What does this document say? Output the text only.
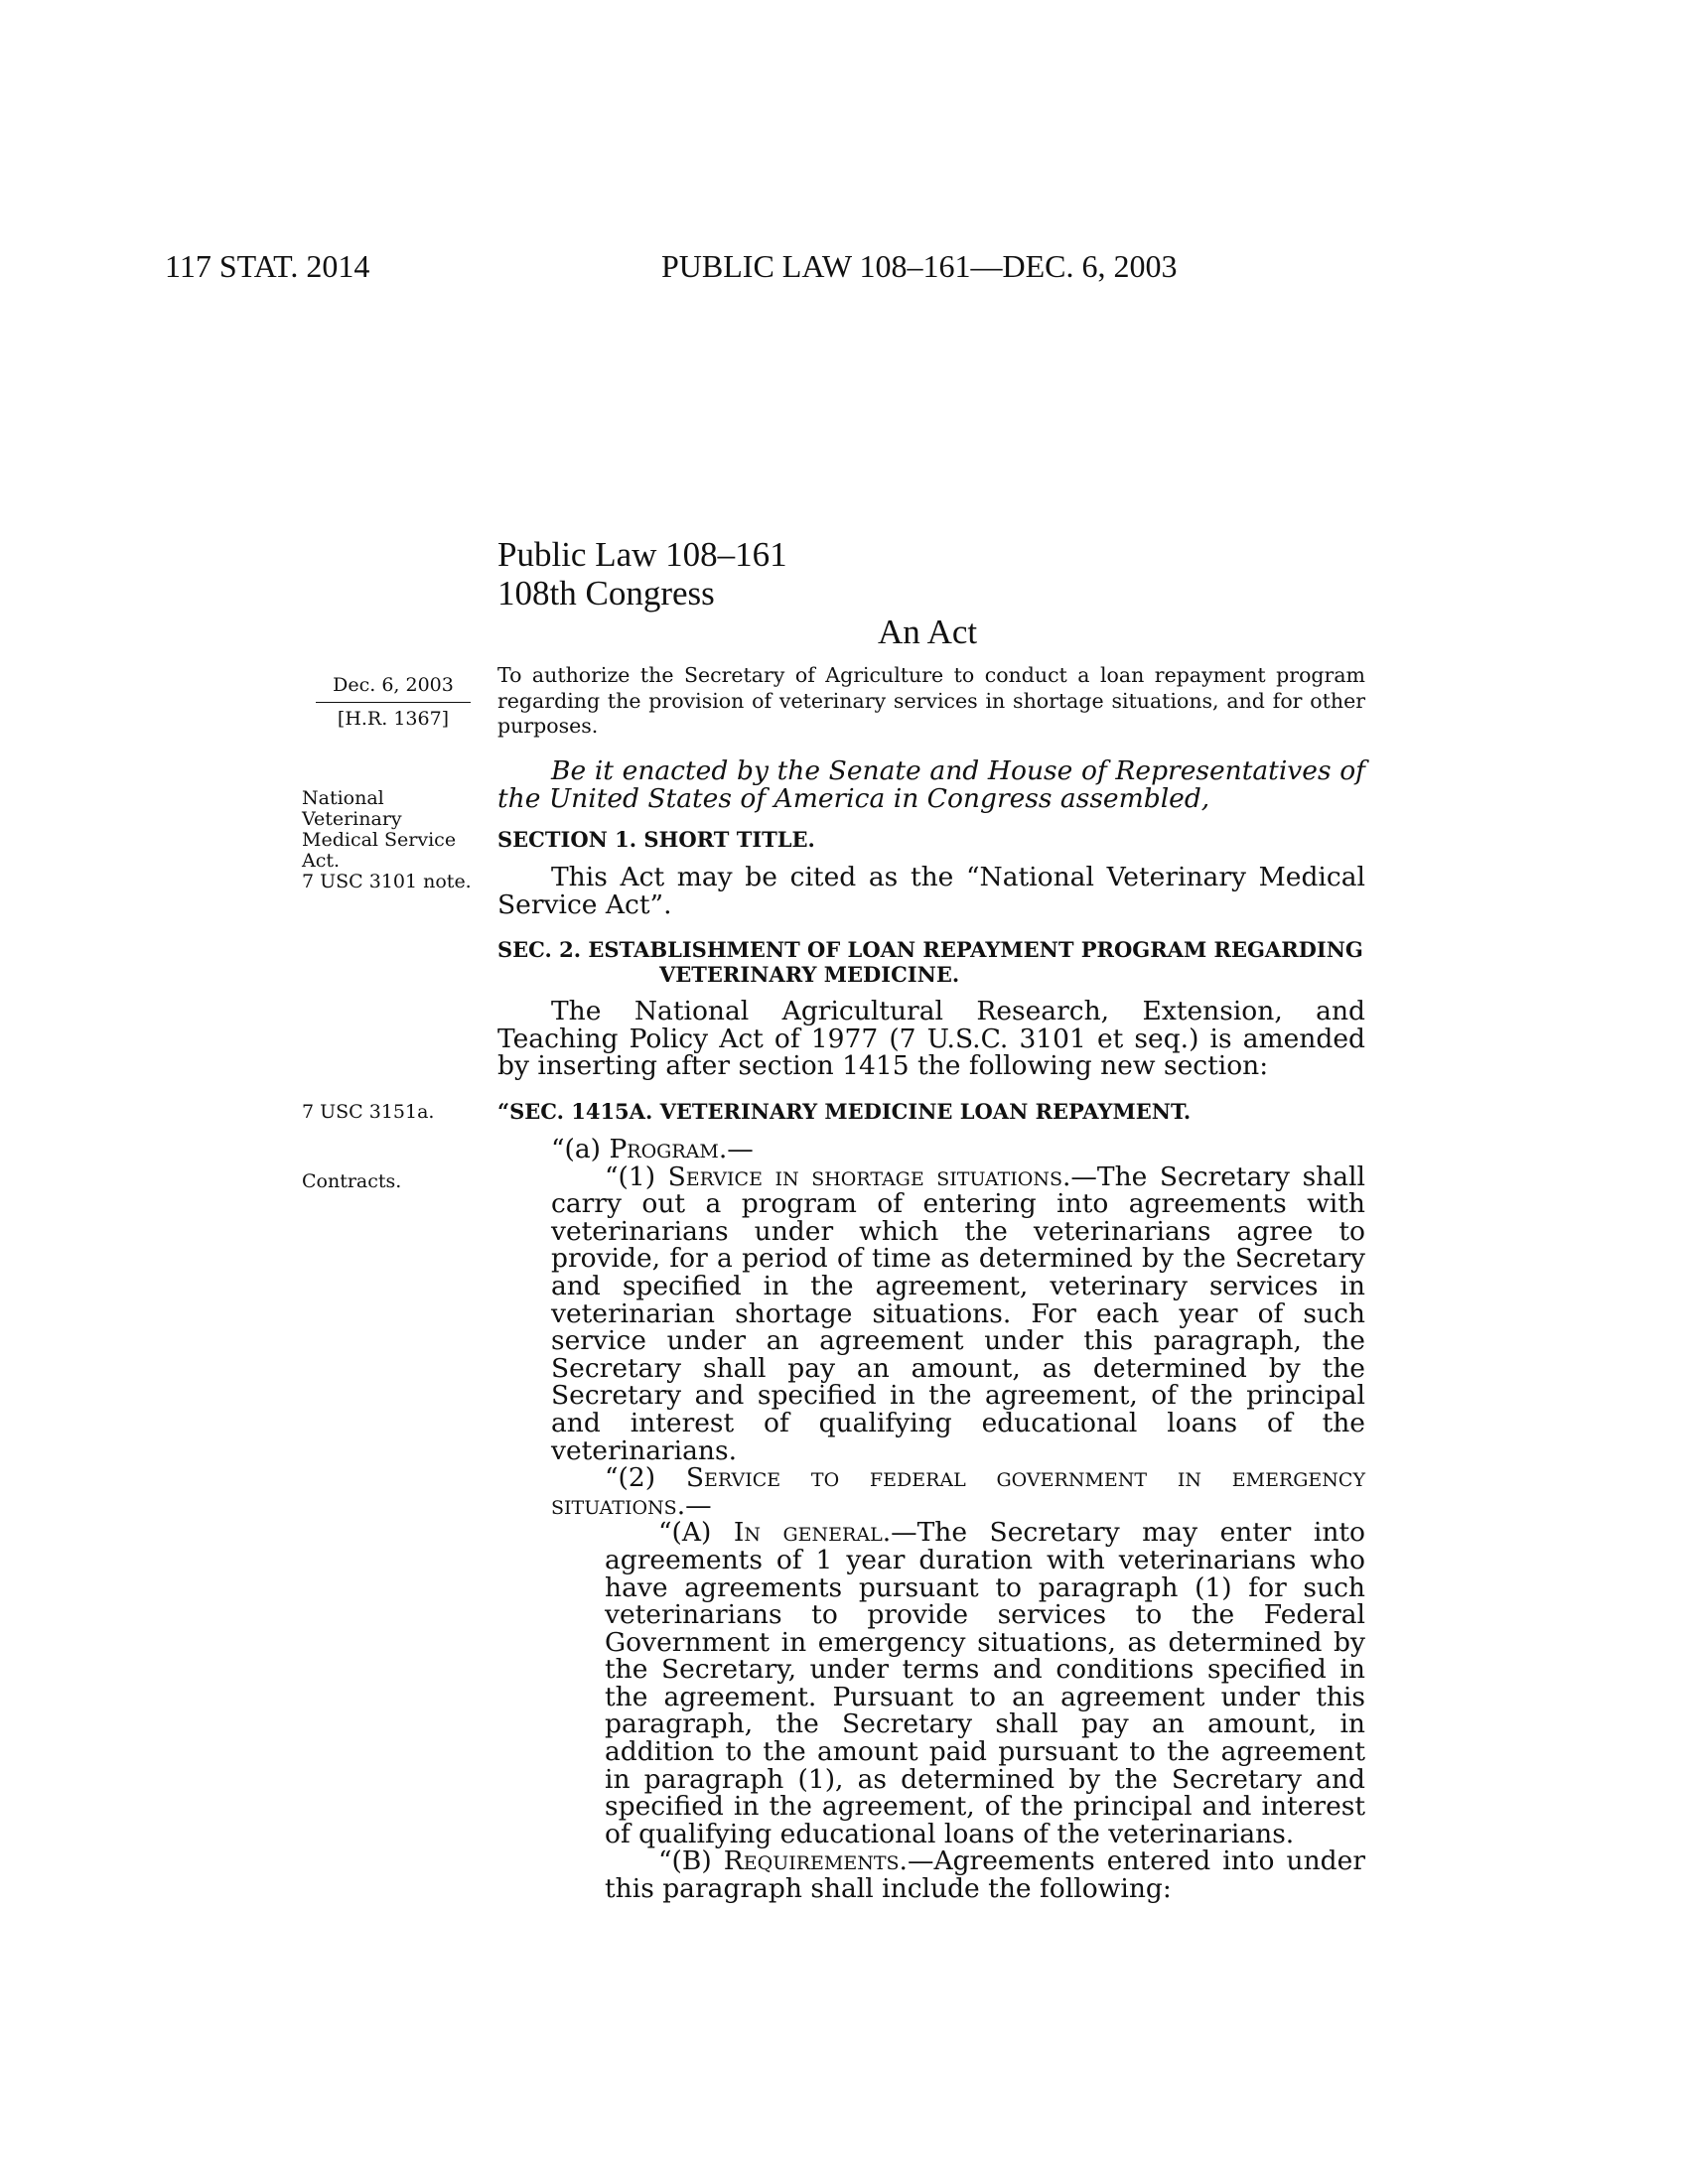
117 STAT. 2014	PUBLIC LAW 108–161—DEC. 6, 2003
Public Law 108–161
108th Congress
An Act
Dec. 6, 2003
[H.R. 1367]
To authorize the Secretary of Agriculture to conduct a loan repayment program regarding the provision of veterinary services in shortage situations, and for other purposes.
National Veterinary Medical Service Act.
7 USC 3101 note.
7 USC 3151a.
Contracts.

Be it enacted by the Senate and House of Representatives of the United States of America in Congress assembled,

SECTION 1. SHORT TITLE.

This Act may be cited as the “National Veterinary Medical Service Act”.

SEC. 2. ESTABLISHMENT OF LOAN REPAYMENT PROGRAM REGARDING
VETERINARY MEDICINE.

The National Agricultural Research, Extension, and Teaching Policy Act of 1977 (7 U.S.C. 3101 et seq.) is amended by inserting after section 1415 the following new section:

“SEC. 1415A. VETERINARY MEDICINE LOAN REPAYMENT.

“(a) Program.—

“(1) Service in shortage situations.—The Secretary shall carry out a program of entering into agreements with veterinarians under which the veterinarians agree to provide, for a period of time as determined by the Secretary and specified in the agreement, veterinary services in veterinarian shortage situations. For each year of such service under an agreement under this paragraph, the Secretary shall pay an amount, as determined by the Secretary and specified in the agreement, of the principal and interest of qualifying educational loans of the veterinarians.

“(2) Service to federal government in emergency situations.—

“(A) In general.—The Secretary may enter into agreements of 1 year duration with veterinarians who have agreements pursuant to paragraph (1) for such veterinarians to provide services to the Federal Government in emergency situations, as determined by the Secretary, under terms and conditions specified in the agreement. Pursuant to an agreement under this paragraph, the Secretary shall pay an amount, in addition to the amount paid pursuant to the agreement in paragraph (1), as determined by the Secretary and specified in the agreement, of the principal and interest of qualifying educational loans of the veterinarians.

“(B) Requirements.—Agreements entered into under this paragraph shall include the following:
